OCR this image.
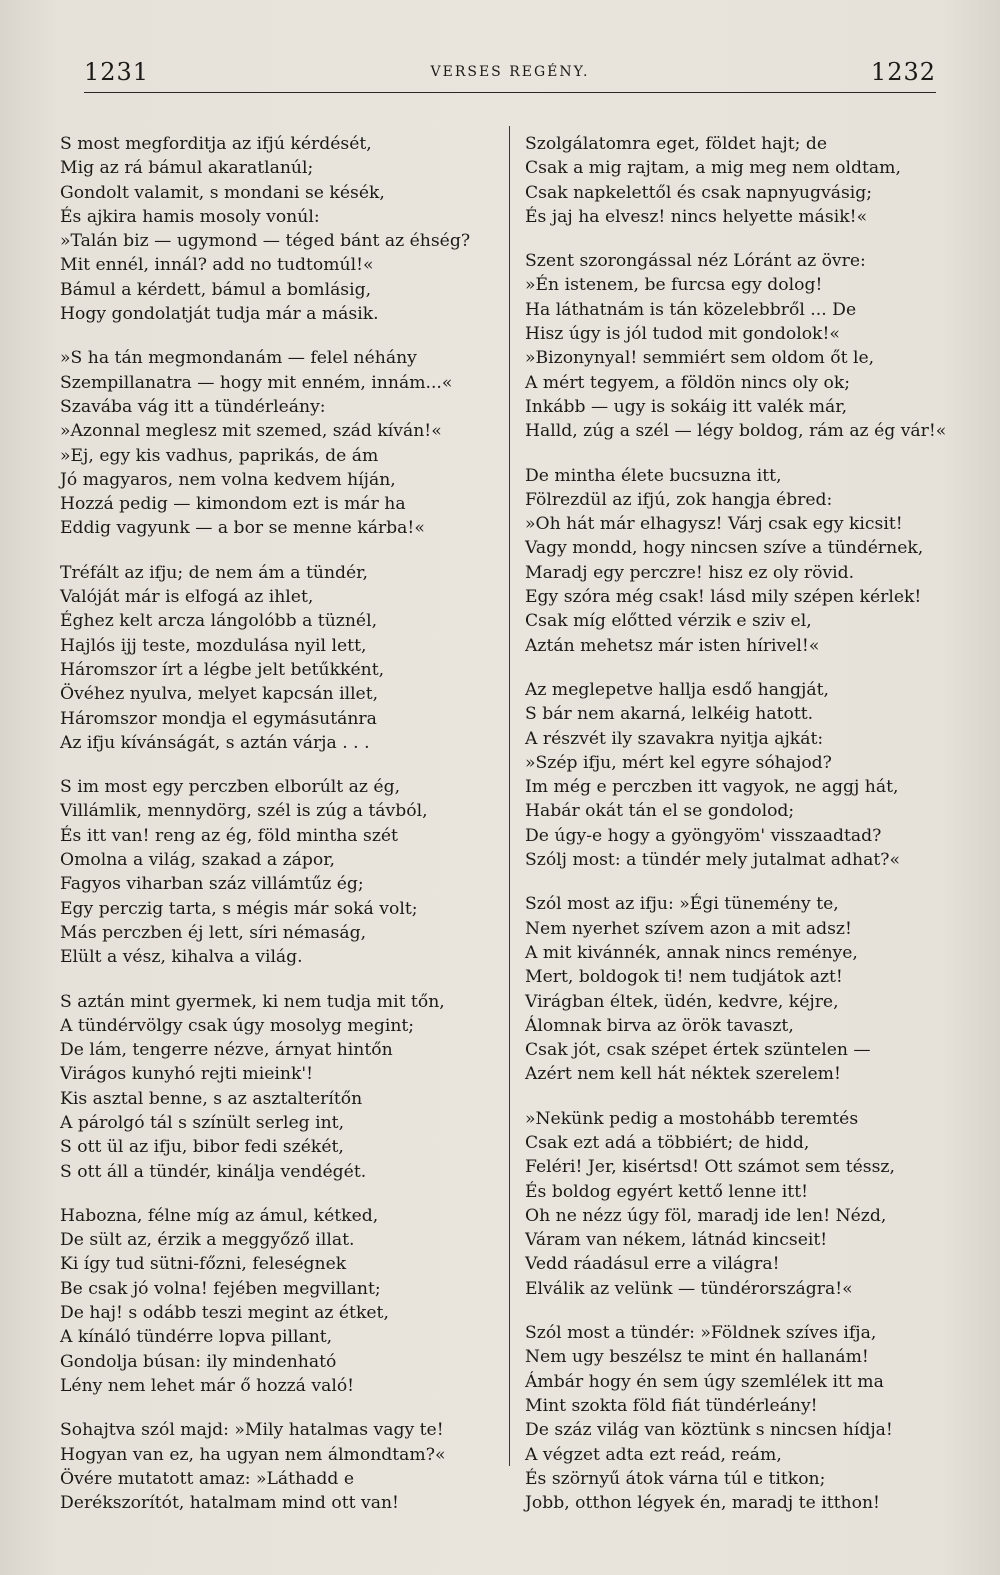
1231	VERSES REGÉNY.	1232
S most megforditja az ifjú kérdését,
Mig az rá bámul akaratlanúl;
Gondolt valamit, s mondani se késék,
És ajkira hamis mosoly vonúl:
»Talán biz — ugymond — téged bánt az éhség?
Mit ennél, innál? add no tudtomúl!«
Bámul a kérdett, bámul a bomlásig,
Hogy gondolatját tudja már a másik.
»S ha tán megmondanám — felel néhány
Szempillanatra — hogy mit enném, innám...«
Szavába vág itt a tündérleány:
»Azonnal meglesz mit szemed, szád kíván!«
»Ej, egy kis vadhus, paprikás, de ám
Jó magyaros, nem volna kedvem híján,
Hozzá pedig — kimondom ezt is már ha
Eddig vagyunk — a bor se menne kárba!«
Tréfált az ifju; de nem ám a tündér,
Valóját már is elfogá az ihlet,
Éghez kelt arcza lángolóbb a tüznél,
Hajlós ijj teste, mozdulása nyil lett,
Háromszor írt a légbe jelt betűkként,
Övéhez nyulva, melyet kapcsán illet,
Háromszor mondja el egymásutánra
Az ifju kívánságát, s aztán várja . . .
S im most egy perczben elborúlt az ég,
Villámlik, mennydörg, szél is zúg a távból,
És itt van! reng az ég, föld mintha szét
Omolna a világ, szakad a zápor,
Fagyos viharban száz villámtűz ég;
Egy perczig tarta, s mégis már soká volt;
Más perczben éj lett, síri némaság,
Elült a vész, kihalva a világ.
S aztán mint gyermek, ki nem tudja mit tőn,
A tündérvölgy csak úgy mosolyg megint;
De lám, tengerre nézve, árnyat hintőn
Virágos kunyhó rejti mieink'!
Kis asztal benne, s az asztalterítőn
A párolgó tál s színült serleg int,
S ott ül az ifju, bibor fedi székét,
S ott áll a tündér, kinálja vendégét.
Habozna, félne míg az ámul, kétked,
De sült az, érzik a meggyőző illat.
Ki így tud sütni-főzni, feleségnek
Be csak jó volna! fejében megvillant;
De haj! s odább teszi megint az étket,
A kínáló tündérre lopva pillant,
Gondolja búsan: ily mindenható
Lény nem lehet már ő hozzá való!
Sohajtva szól majd: »Mily hatalmas vagy te!
Hogyan van ez, ha ugyan nem álmondtam?«
Övére mutatott amaz: »Láthadd e
Derékszorítót, hatalmam mind ott van!
Szolgálatomra eget, földet hajt; de
Csak a mig rajtam, a mig meg nem oldtam,
Csak napkelettől és csak napnyugvásig;
És jaj ha elvesz! nincs helyette másik!«
Szent szorongással néz Lóránt az övre:
»Én istenem, be furcsa egy dolog!
Ha láthatnám is tán közelebbről ... De
Hisz úgy is jól tudod mit gondolok!«
»Bizonynyal! semmiért sem oldom őt le,
A mért tegyem, a földön nincs oly ok;
Inkább — ugy is sokáig itt valék már,
Halld, zúg a szél — légy boldog, rám az ég vár!«
De mintha élete bucsuzna itt,
Fölrezdül az ifjú, zok hangja ébred:
»Oh hát már elhagysz! Várj csak egy kicsit!
Vagy mondd, hogy nincsen szíve a tündérnek,
Maradj egy perczre! hisz ez oly rövid.
Egy szóra még csak! lásd mily szépen kérlek!
Csak míg előtted vérzik e sziv el,
Aztán mehetsz már isten hírivel!«
Az meglepetve hallja esdő hangját,
S bár nem akarná, lelkéig hatott.
A részvét ily szavakra nyitja ajkát:
»Szép ifju, mért kel egyre sóhajod?
Im még e perczben itt vagyok, ne aggj hát,
Habár okát tán el se gondolod;
De úgy-e hogy a gyöngyöm' visszaadtad?
Szólj most: a tündér mely jutalmat adhat?«
Szól most az ifju: »Égi tünemény te,
Nem nyerhet szívem azon a mit adsz!
A mit kivánnék, annak nincs reménye,
Mert, boldogok ti! nem tudjátok azt!
Virágban éltek, üdén, kedvre, kéjre,
Álomnak birva az örök tavaszt,
Csak jót, csak szépet értek szüntelen —
Azért nem kell hát néktek szerelem!
»Nekünk pedig a mostohább teremtés
Csak ezt adá a többiért; de hidd,
Feléri! Jer, kisértsd! Ott számot sem téssz,
És boldog egyért kettő lenne itt!
Oh ne nézz úgy föl, maradj ide len! Nézd,
Váram van nékem, látnád kincseit!
Vedd ráadásul erre a világra!
Elválik az velünk — tündérországra!«
Szól most a tündér: »Földnek szíves ifja,
Nem ugy beszélsz te mint én hallanám!
Ámbár hogy én sem úgy szemlélek itt ma
Mint szokta föld fiát tündérleány!
De száz világ van köztünk s nincsen hídja!
A végzet adta ezt reád, reám,
És szörnyű átok várna túl e titkon;
Jobb, otthon légyek én, maradj te itthon!
